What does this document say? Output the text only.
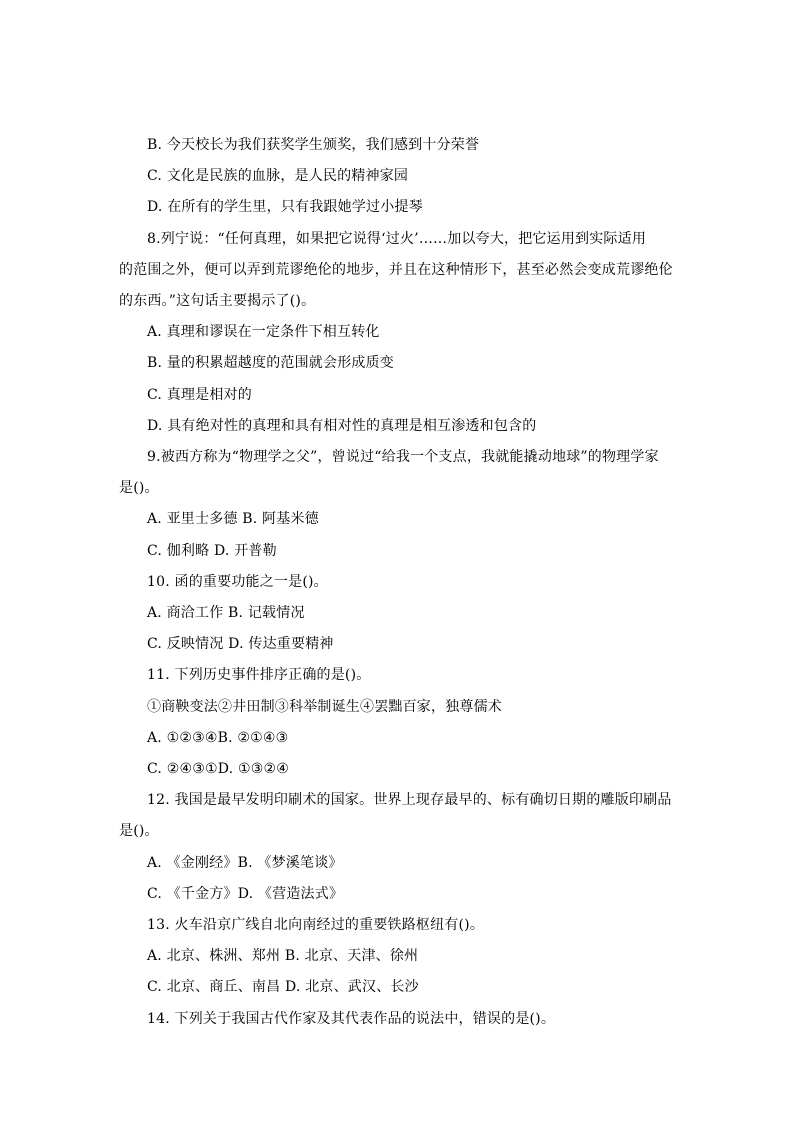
B. 今天校长为我们获奖学生颁奖，我们感到十分荣誉
C. 文化是民族的血脉，是人民的精神家园
D. 在所有的学生里，只有我跟她学过小提琴
8.列宁说：“任何真理，如果把它说得‘过火’……加以夸大，把它运用到实际适用
的范围之外，便可以弄到荒谬绝伦的地步，并且在这种情形下，甚至必然会变成荒谬绝伦
的东西。”这句话主要揭示了()。
A. 真理和谬误在一定条件下相互转化
B. 量的积累超越度的范围就会形成质变
C. 真理是相对的
D. 具有绝对性的真理和具有相对性的真理是相互渗透和包含的
9.被西方称为“物理学之父”，曾说过“给我一个支点，我就能撬动地球”的物理学家
是()。
A. 亚里士多德 B. 阿基米德
C. 伽利略 D. 开普勒
10. 函的重要功能之一是()。
A. 商洽工作 B. 记载情况
C. 反映情况 D. 传达重要精神
11. 下列历史事件排序正确的是()。
①商鞅变法②井田制③科举制诞生④罢黜百家，独尊儒术
A. ①②③④B. ②①④③
C. ②④③①D. ①③②④
12. 我国是最早发明印刷术的国家。世界上现存最早的、标有确切日期的雕版印刷品
是()。
A. 《金刚经》B. 《梦溪笔谈》
C. 《千金方》D. 《营造法式》
13. 火车沿京广线自北向南经过的重要铁路枢纽有()。
A. 北京、株洲、郑州 B. 北京、天津、徐州
C. 北京、商丘、南昌 D. 北京、武汉、长沙
14. 下列关于我国古代作家及其代表作品的说法中，错误的是()。
